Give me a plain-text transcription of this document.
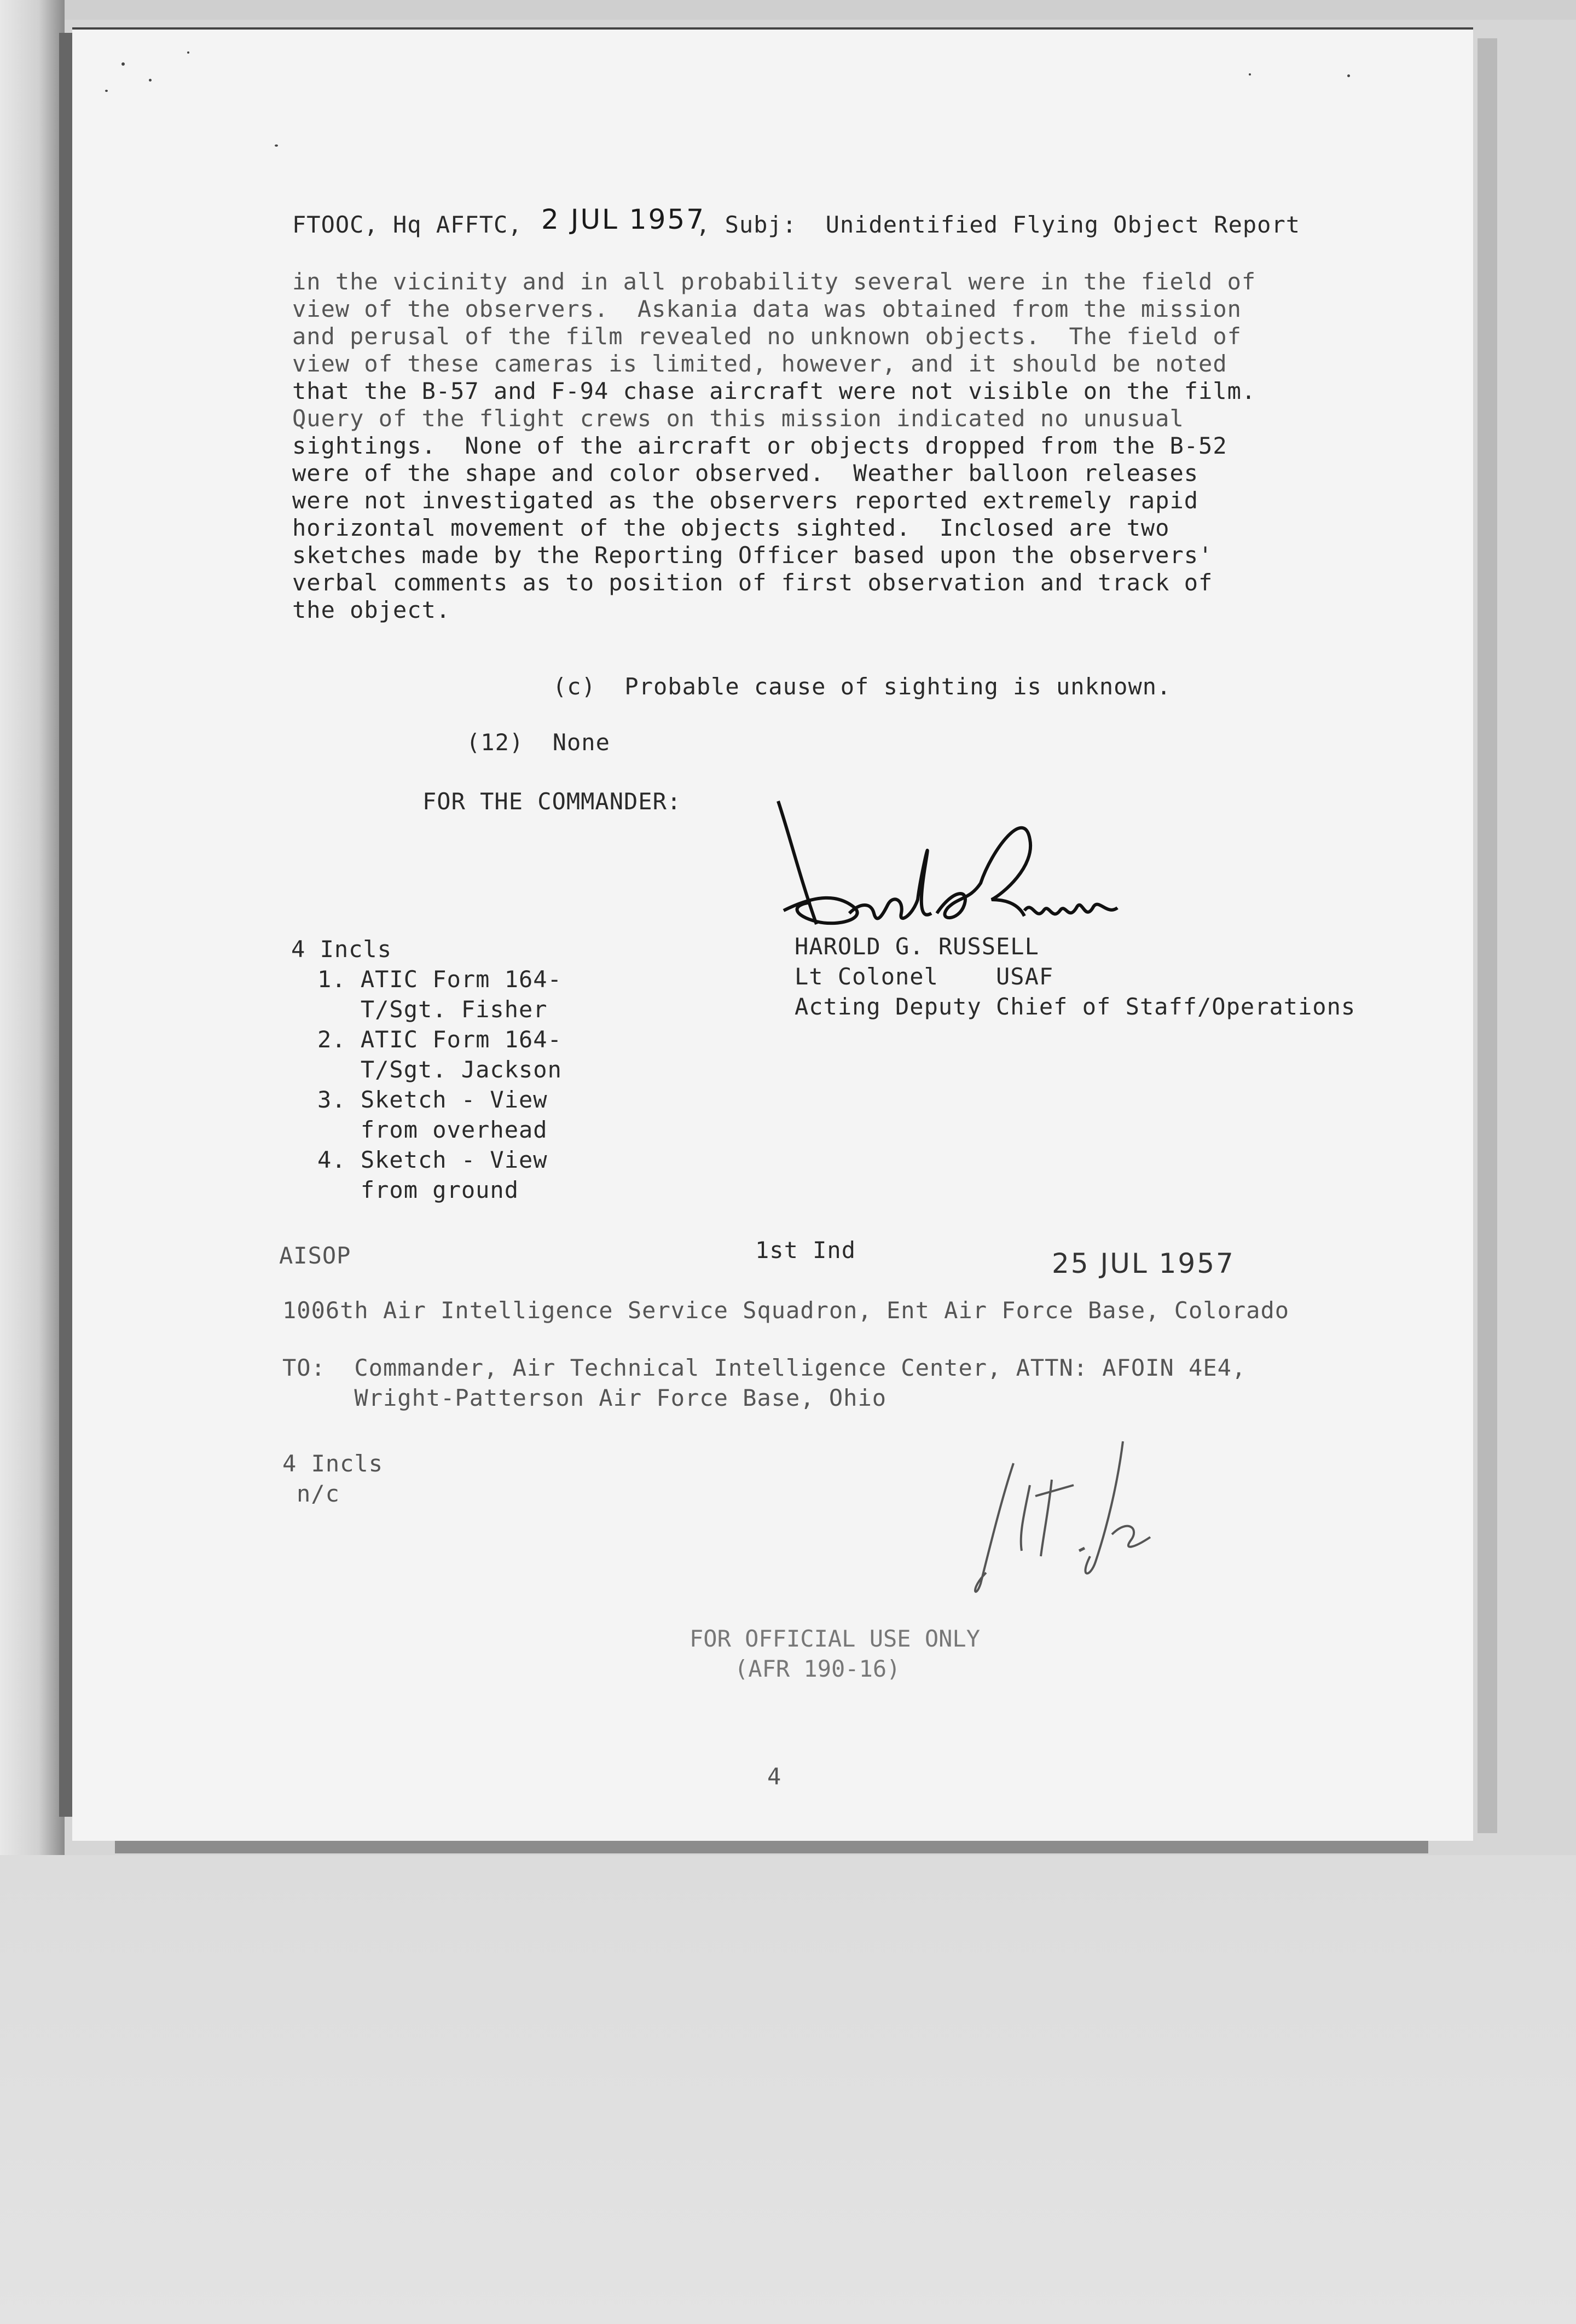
FTOOC, Hq AFFTC, 2 JUL 1957

, Subj:  Unidentified Flying Object Report

in the vicinity and in all probability several were in the field of

view of the observers.  Askania data was obtained from the mission

and perusal of the film revealed no unknown objects.  The field of

view of these cameras is limited, however, and it should be noted

that the B-57 and F-94 chase aircraft were not visible on the film.

Query of the flight crews on this mission indicated no unusual

sightings.  None of the aircraft or objects dropped from the B-52

were of the shape and color observed.  Weather balloon releases

were not investigated as the observers reported extremely rapid

horizontal movement of the objects sighted.  Inclosed are two

sketches made by the Reporting Officer based upon the observers'

verbal comments as to position of first observation and track of

the object.

(c)  Probable cause of sighting is unknown.

(12)  None

FOR THE COMMANDER:

HAROLD G. RUSSELL

Lt Colonel    USAF

Acting Deputy Chief of Staff/Operations

4 Incls

1. ATIC Form 164-

T/Sgt. Fisher

2. ATIC Form 164-

T/Sgt. Jackson

3. Sketch - View

from overhead

4. Sketch - View

from ground

AISOP	1st Ind	25 JUL 1957

1006th Air Intelligence Service Squadron, Ent Air Force Base, Colorado

TO:  Commander, Air Technical Intelligence Center, ATTN: AFOIN 4E4,

Wright-Patterson Air Force Base, Ohio

4 Incls

n/c

FOR OFFICIAL USE ONLY

(AFR 190-16)

4
